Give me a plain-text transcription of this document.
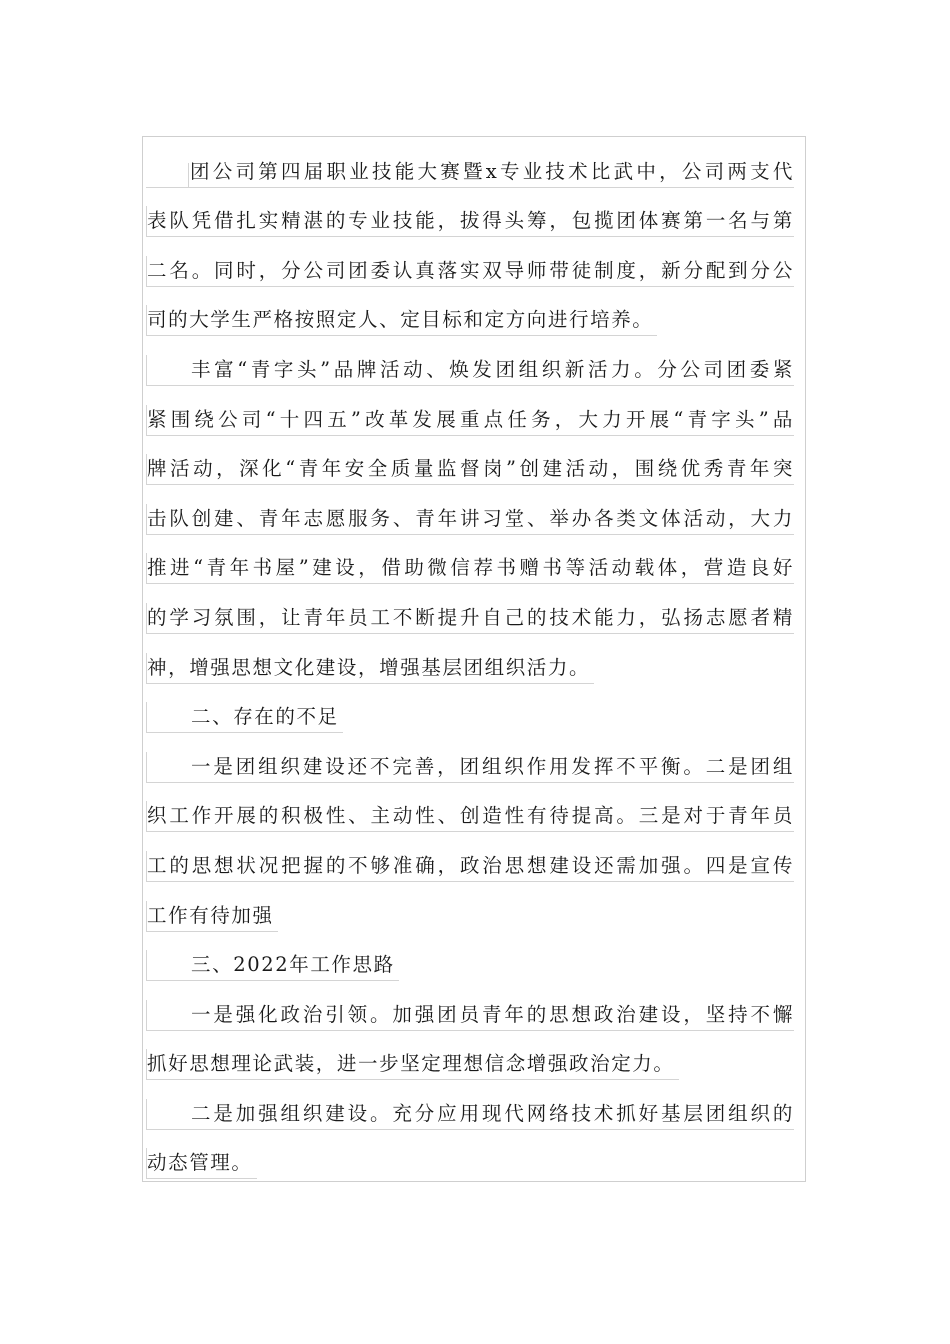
团公司第四届职业技能大赛暨x专业技术比武中，公司两支代
表队凭借扎实精湛的专业技能，拔得头筹，包揽团体赛第一名与第
二名。同时，分公司团委认真落实双导师带徒制度，新分配到分公
司的大学生严格按照定人、定目标和定方向进行培养。
丰富“青字头”品牌活动、焕发团组织新活力。分公司团委紧
紧围绕公司“十四五”改革发展重点任务，大力开展“青字头”品
牌活动，深化“青年安全质量监督岗”创建活动，围绕优秀青年突
击队创建、青年志愿服务、青年讲习堂、举办各类文体活动，大力
推进“青年书屋”建设，借助微信荐书赠书等活动载体，营造良好
的学习氛围，让青年员工不断提升自己的技术能力，弘扬志愿者精
神，增强思想文化建设，增强基层团组织活力。
二、存在的不足
一是团组织建设还不完善，团组织作用发挥不平衡。二是团组
织工作开展的积极性、主动性、创造性有待提高。三是对于青年员
工的思想状况把握的不够准确，政治思想建设还需加强。四是宣传
工作有待加强
三、2022年工作思路
一是强化政治引领。加强团员青年的思想政治建设，坚持不懈
抓好思想理论武装，进一步坚定理想信念增强政治定力。
二是加强组织建设。充分应用现代网络技术抓好基层团组织的
动态管理。
